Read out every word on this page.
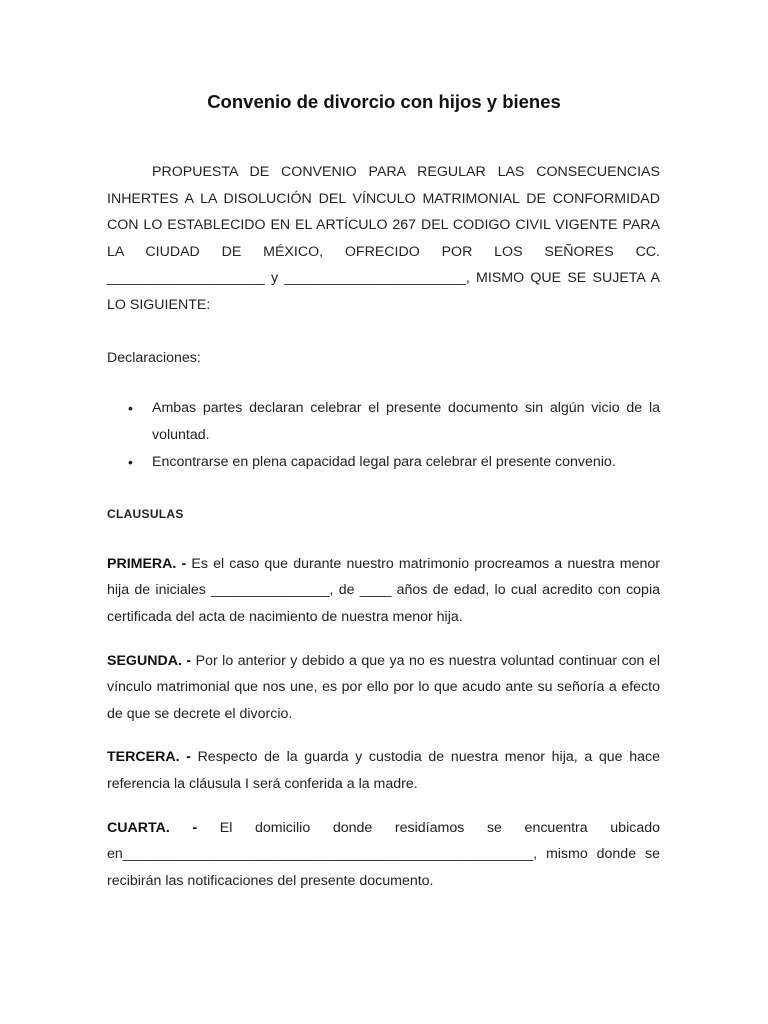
Convenio de divorcio con hijos y bienes

PROPUESTA DE CONVENIO PARA REGULAR LAS CONSECUENCIAS INHERTES A LA DISOLUCIÓN DEL VÍNCULO MATRIMONIAL DE CONFORMIDAD CON LO ESTABLECIDO EN EL ARTÍCULO 267 DEL CODIGO CIVIL VIGENTE PARA LA CIUDAD DE MÉXICO, OFRECIDO POR LOS SEÑORES CC. ____________________ y _______________________, MISMO QUE SE SUJETA A LO SIGUIENTE:

Declaraciones:

• Ambas partes declaran celebrar el presente documento sin algún vicio de la voluntad.
• Encontrarse en plena capacidad legal para celebrar el presente convenio.

CLAUSULAS

PRIMERA. - Es el caso que durante nuestro matrimonio procreamos a nuestra menor hija de iniciales _______________, de ____ años de edad, lo cual acredito con copia certificada del acta de nacimiento de nuestra menor hija.

SEGUNDA. - Por lo anterior y debido a que ya no es nuestra voluntad continuar con el vínculo matrimonial que nos une, es por ello por lo que acudo ante su señoría a efecto de que se decrete el divorcio.

TERCERA. - Respecto de la guarda y custodia de nuestra menor hija, a que hace referencia la cláusula I será conferida a la madre.

CUARTA. - El domicilio donde residíamos se encuentra ubicado en____________________________________________________, mismo donde se recibirán las notificaciones del presente documento.
